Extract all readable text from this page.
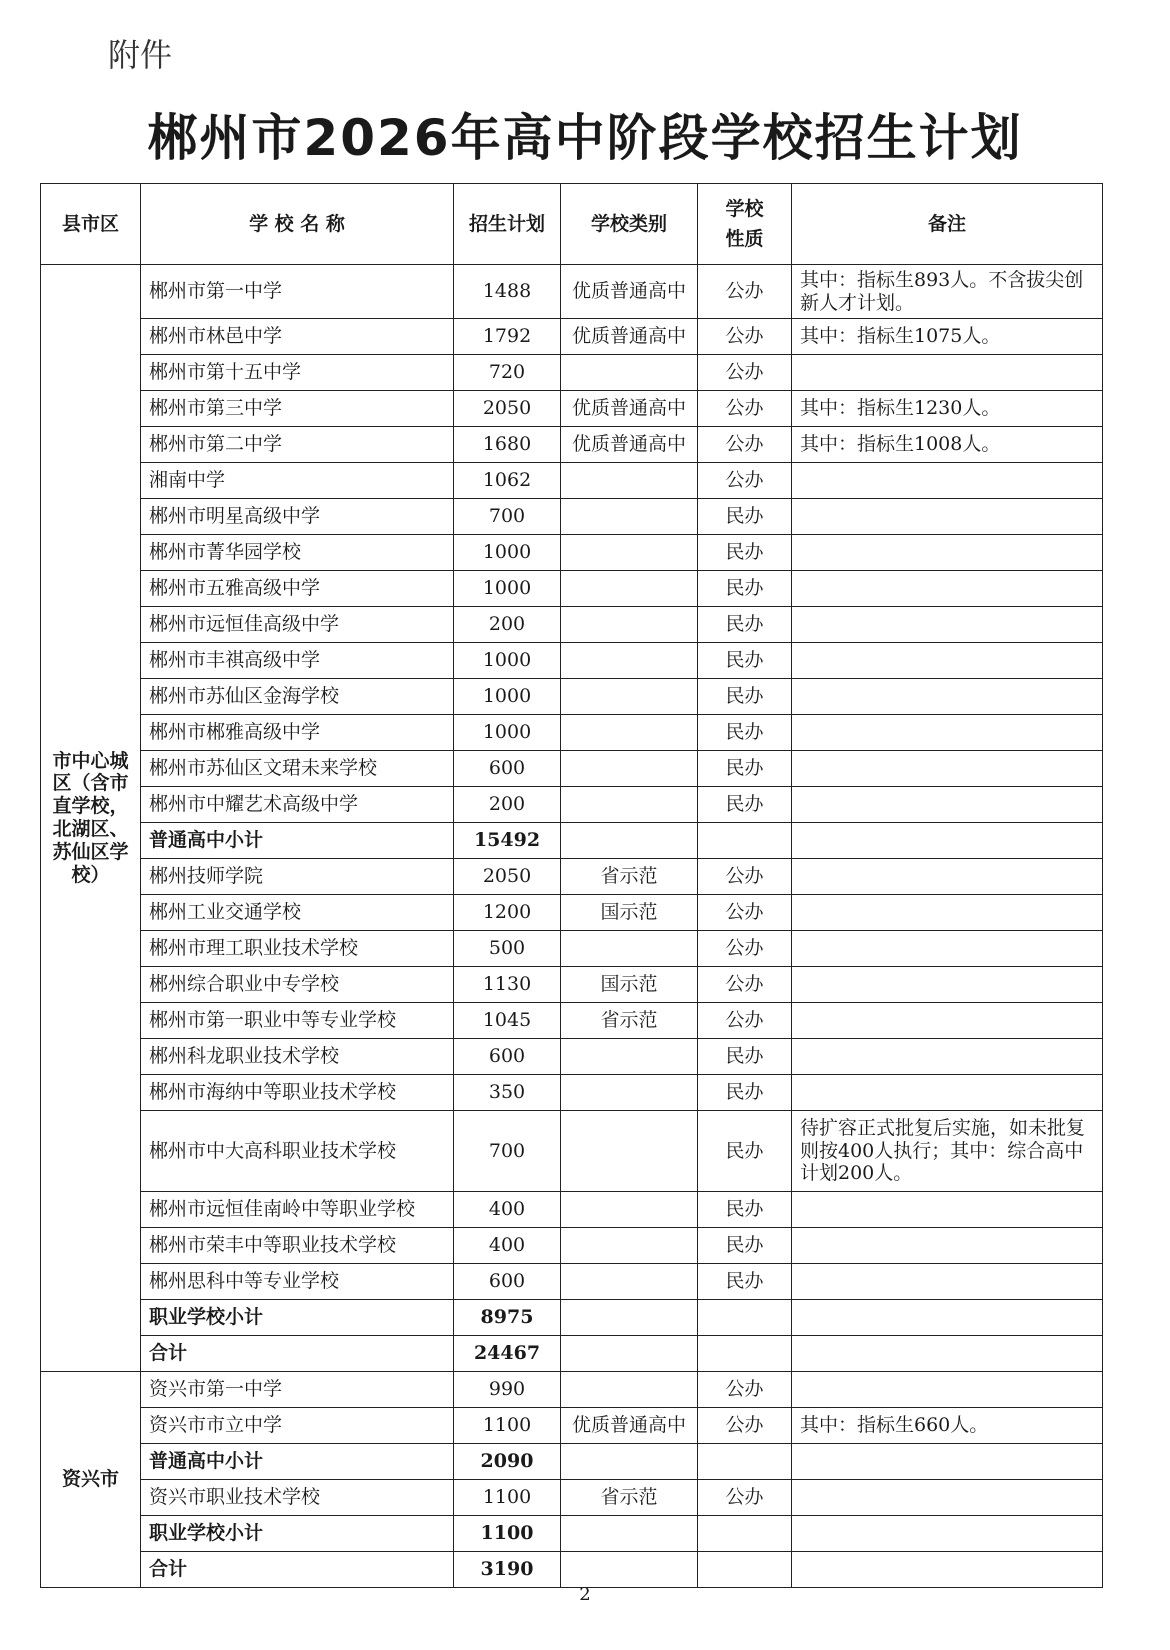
附件
郴州市2026年高中阶段学校招生计划
县市区	学 校 名 称	招生计划	学校类别	学校
性质	备注
市中心城区（含市直学校，北湖区、苏仙区学校）	郴州市第一中学	1488	优质普通高中	公办	其中：指标生893人。不含拔尖创新人才计划。
	郴州市林邑中学	1792	优质普通高中	公办	其中：指标生1075人。
	郴州市第十五中学	720		公办	
	郴州市第三中学	2050	优质普通高中	公办	其中：指标生1230人。
	郴州市第二中学	1680	优质普通高中	公办	其中：指标生1008人。
	湘南中学	1062		公办	
	郴州市明星高级中学	700		民办	
	郴州市菁华园学校	1000		民办	
	郴州市五雅高级中学	1000		民办	
	郴州市远恒佳高级中学	200		民办	
	郴州市丰祺高级中学	1000		民办	
	郴州市苏仙区金海学校	1000		民办	
	郴州市郴雅高级中学	1000		民办	
	郴州市苏仙区文珺未来学校	600		民办	
	郴州市中耀艺术高级中学	200		民办	
	普通高中小计	15492			
	郴州技师学院	2050	省示范	公办	
	郴州工业交通学校	1200	国示范	公办	
	郴州市理工职业技术学校	500		公办	
	郴州综合职业中专学校	1130	国示范	公办	
	郴州市第一职业中等专业学校	1045	省示范	公办	
	郴州科龙职业技术学校	600		民办	
	郴州市海纳中等职业技术学校	350		民办	
	郴州市中大高科职业技术学校	700		民办	待扩容正式批复后实施，如未批复则按400人执行；其中：综合高中计划200人。
	郴州市远恒佳南岭中等职业学校	400		民办	
	郴州市荣丰中等职业技术学校	400		民办	
	郴州思科中等专业学校	600		民办	
	职业学校小计	8975			
	合计	24467			
资兴市	资兴市第一中学	990		公办	
	资兴市市立中学	1100	优质普通高中	公办	其中：指标生660人。
	普通高中小计	2090			
	资兴市职业技术学校	1100	省示范	公办	
	职业学校小计	1100			
	合计	3190			
2
